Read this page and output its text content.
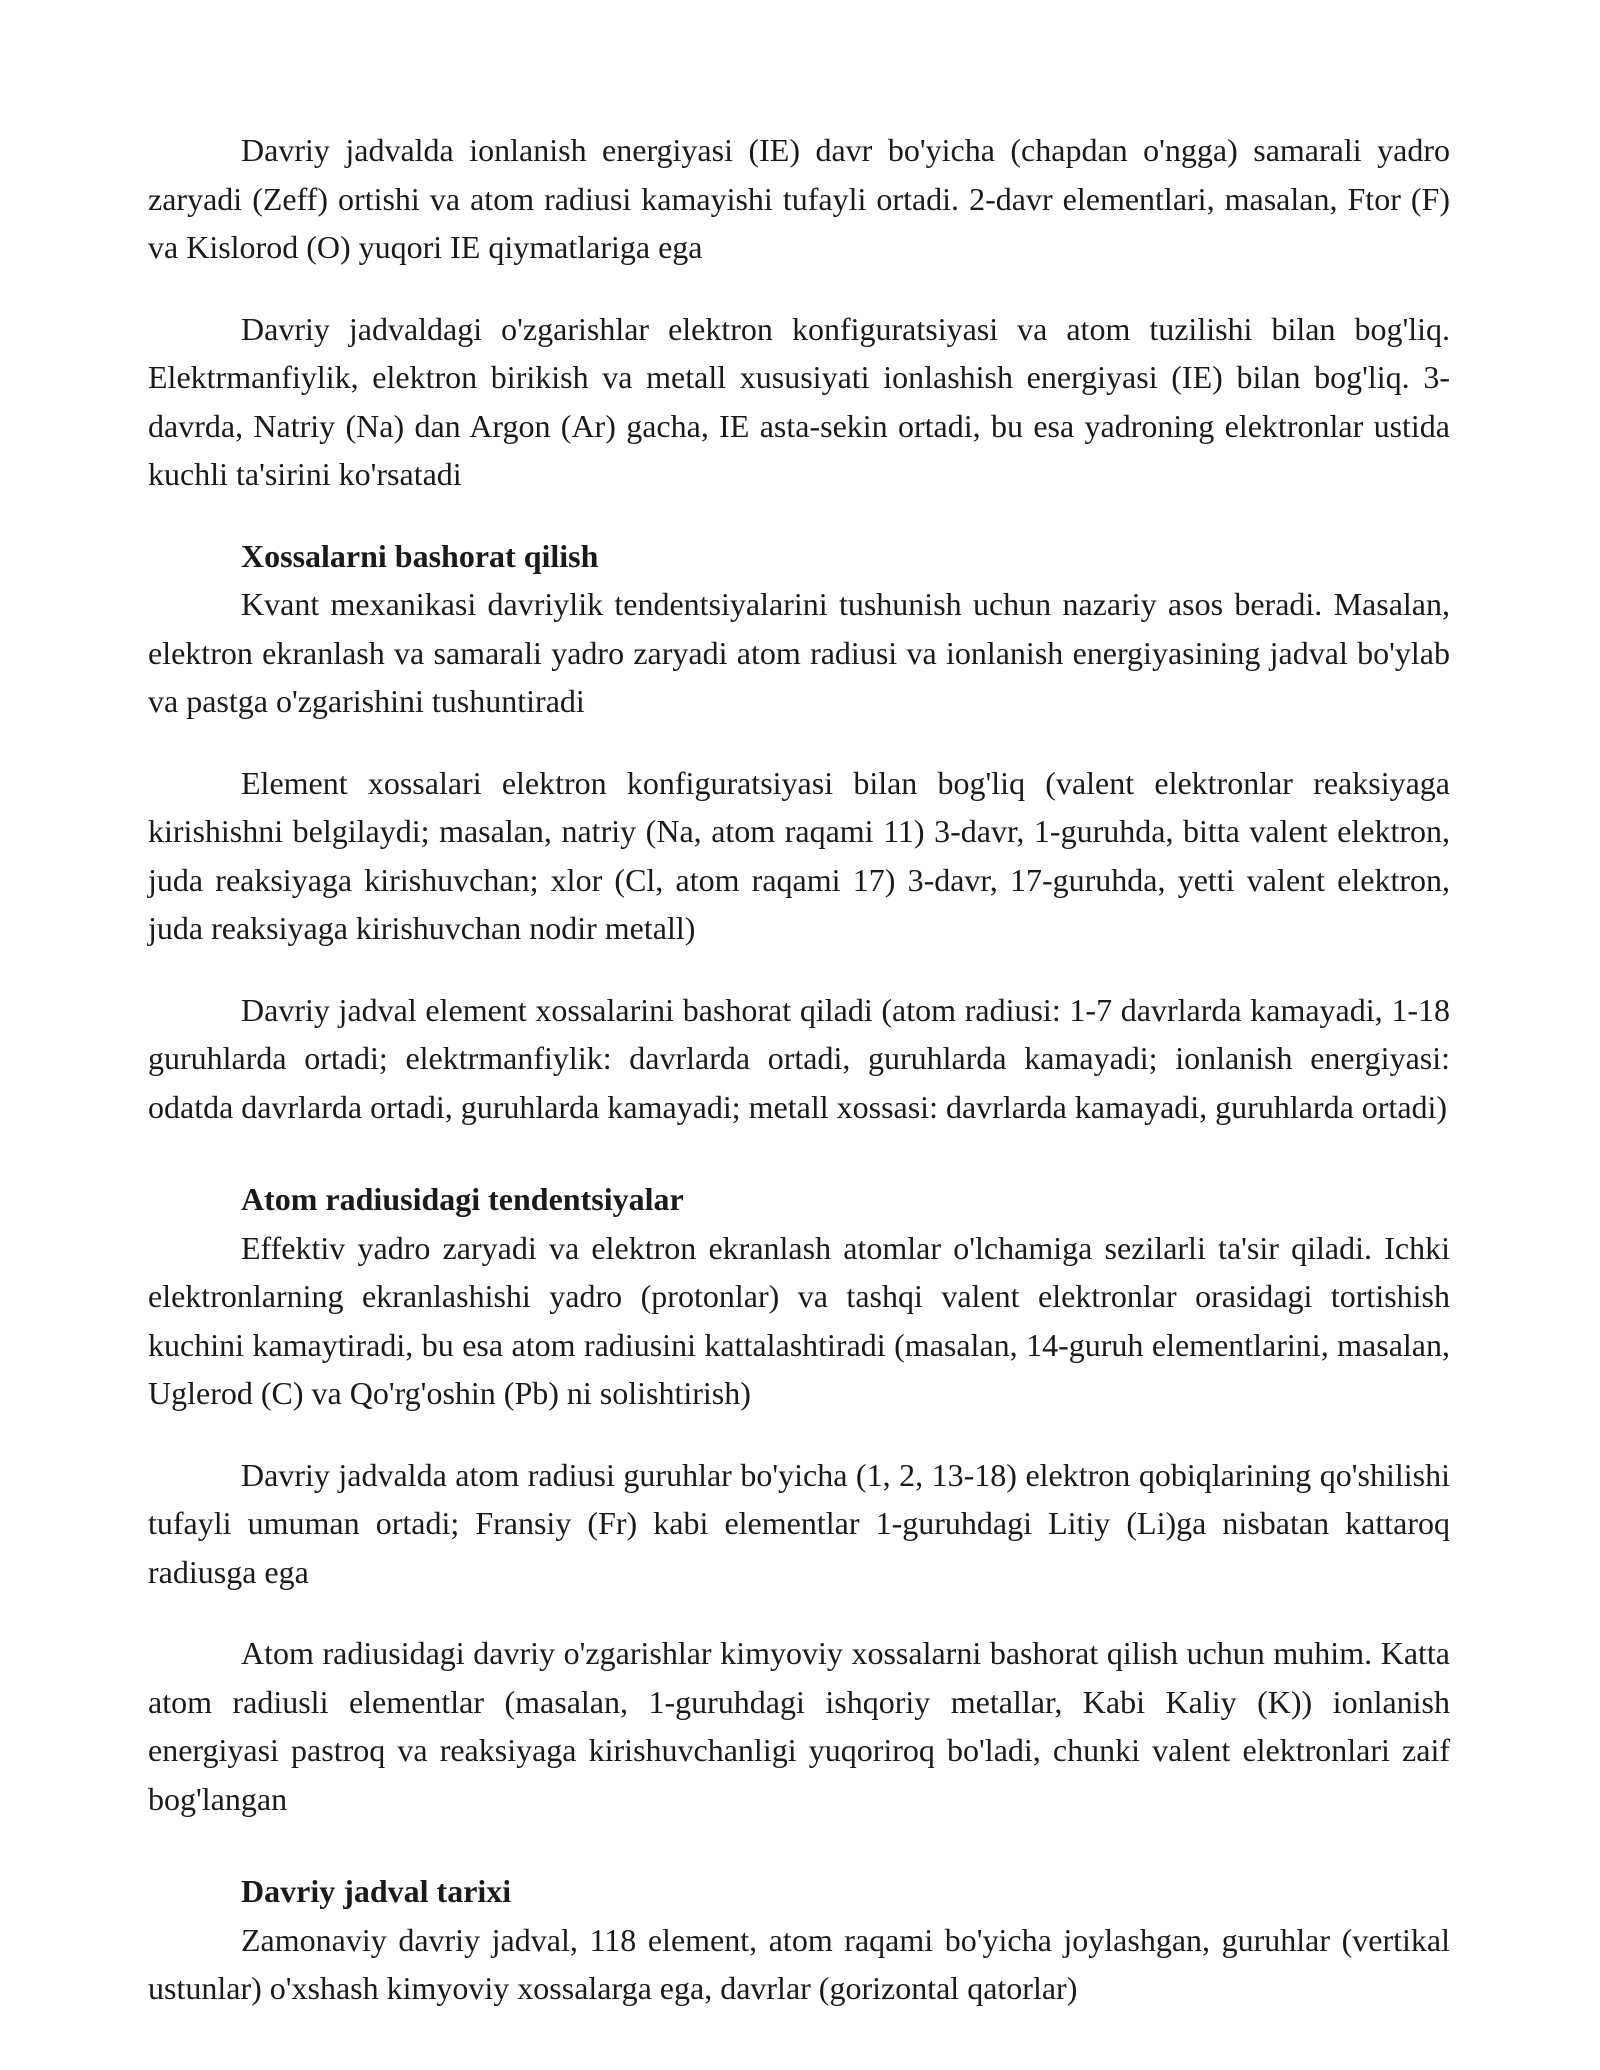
Davriy jadvalda ionlanish energiyasi (IE) davr bo'yicha (chapdan o'ngga) samarali yadro zaryadi (Zeff) ortishi va atom radiusi kamayishi tufayli ortadi. 2-davr elementlari, masalan, Ftor (F) va Kislorod (O) yuqori IE qiymatlariga ega

Davriy jadvaldagi o'zgarishlar elektron konfiguratsiyasi va atom tuzilishi bilan bog'liq. Elektrmanfiylik, elektron birikish va metall xususiyati ionlashish energiyasi (IE) bilan bog'liq. 3-davrda, Natriy (Na) dan Argon (Ar) gacha, IE asta-sekin ortadi, bu esa yadroning elektronlar ustida kuchli ta'sirini ko'rsatadi

Xossalarni bashorat qilish

Kvant mexanikasi davriylik tendentsiyalarini tushunish uchun nazariy asos beradi. Masalan, elektron ekranlash va samarali yadro zaryadi atom radiusi va ionlanish energiyasining jadval bo'ylab va pastga o'zgarishini tushuntiradi

Element xossalari elektron konfiguratsiyasi bilan bog'liq (valent elektronlar reaksiyaga kirishishni belgilaydi; masalan, natriy (Na, atom raqami 11) 3-davr, 1-guruhda, bitta valent elektron, juda reaksiyaga kirishuvchan; xlor (Cl, atom raqami 17) 3-davr, 17-guruhda, yetti valent elektron, juda reaksiyaga kirishuvchan nodir metall)

Davriy jadval element xossalarini bashorat qiladi (atom radiusi: 1-7 davrlarda kamayadi, 1-18 guruhlarda ortadi; elektrmanfiylik: davrlarda ortadi, guruhlarda kamayadi; ionlanish energiyasi: odatda davrlarda ortadi, guruhlarda kamayadi; metall xossasi: davrlarda kamayadi, guruhlarda ortadi)

Atom radiusidagi tendentsiyalar

Effektiv yadro zaryadi va elektron ekranlash atomlar o'lchamiga sezilarli ta'sir qiladi. Ichki elektronlarning ekranlashishi yadro (protonlar) va tashqi valent elektronlar orasidagi tortishish kuchini kamaytiradi, bu esa atom radiusini kattalashtiradi (masalan, 14-guruh elementlarini, masalan, Uglerod (C) va Qo'rg'oshin (Pb) ni solishtirish)

Davriy jadvalda atom radiusi guruhlar bo'yicha (1, 2, 13-18) elektron qobiqlarining qo'shilishi tufayli umuman ortadi; Fransiy (Fr) kabi elementlar 1-guruhdagi Litiy (Li)ga nisbatan kattaroq radiusga ega

Atom radiusidagi davriy o'zgarishlar kimyoviy xossalarni bashorat qilish uchun muhim. Katta atom radiusli elementlar (masalan, 1-guruhdagi ishqoriy metallar, Kabi Kaliy (K)) ionlanish energiyasi pastroq va reaksiyaga kirishuvchanligi yuqoriroq bo'ladi, chunki valent elektronlari zaif bog'langan

Davriy jadval tarixi

Zamonaviy davriy jadval, 118 element, atom raqami bo'yicha joylashgan, guruhlar (vertikal ustunlar) o'xshash kimyoviy xossalarga ega, davrlar (gorizontal qatorlar)
